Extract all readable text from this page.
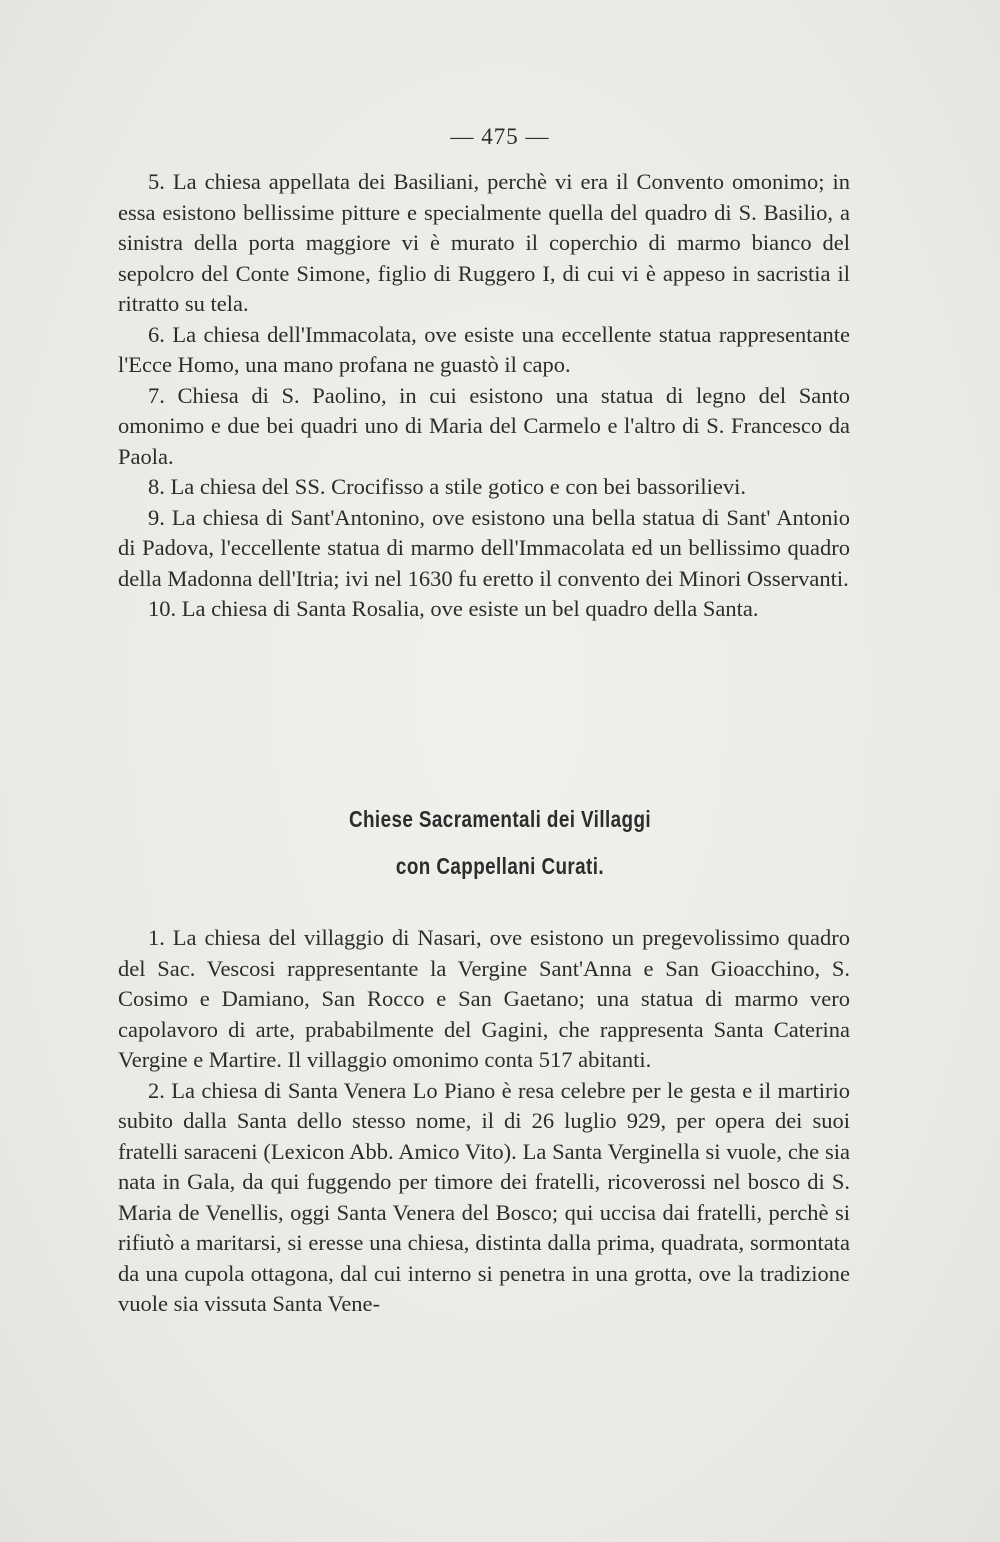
— 475 —

5. La chiesa appellata dei Basiliani, perchè vi era il Convento omonimo; in essa esistono bellissime pitture e specialmente quella del quadro di S. Basilio, a sinistra della porta maggiore vi è murato il coperchio di marmo bianco del sepolcro del Conte Simone, figlio di Ruggero I, di cui vi è appeso in sacristia il ritratto su tela.

6. La chiesa dell'Immacolata, ove esiste una eccellente statua rappresentante l'Ecce Homo, una mano profana ne guastò il capo.

7. Chiesa di S. Paolino, in cui esistono una statua di legno del Santo omonimo e due bei quadri uno di Maria del Carmelo e l'altro di S. Francesco da Paola.

8. La chiesa del SS. Crocifisso a stile gotico e con bei bassorilievi.

9. La chiesa di Sant'Antonino, ove esistono una bella statua di Sant' Antonio di Padova, l'eccellente statua di marmo dell'Immacolata ed un bellissimo quadro della Madonna dell'Itria; ivi nel 1630 fu eretto il convento dei Minori Osservanti.

10. La chiesa di Santa Rosalia, ove esiste un bel quadro della Santa.

Chiese Sacramentali dei Villaggi
con Cappellani Curati.

1. La chiesa del villaggio di Nasari, ove esistono un pregevolissimo quadro del Sac. Vescosi rappresentante la Vergine Sant'Anna e San Gioacchino, S. Cosimo e Damiano, San Rocco e San Gaetano; una statua di marmo vero capolavoro di arte, prababilmente del Gagini, che rappresenta Santa Caterina Vergine e Martire. Il villaggio omonimo conta 517 abitanti.

2. La chiesa di Santa Venera Lo Piano è resa celebre per le gesta e il martirio subito dalla Santa dello stesso nome, il di 26 luglio 929, per opera dei suoi fratelli saraceni (Lexicon Abb. Amico Vito). La Santa Verginella si vuole, che sia nata in Gala, da qui fuggendo per timore dei fratelli, ricoverossi nel bosco di S. Maria de Venellis, oggi Santa Venera del Bosco; qui uccisa dai fratelli, perchè si rifiutò a maritarsi, si eresse una chiesa, distinta dalla prima, quadrata, sormontata da una cupola ottagona, dal cui interno si penetra in una grotta, ove la tradizione vuole sia vissuta Santa Vene-
